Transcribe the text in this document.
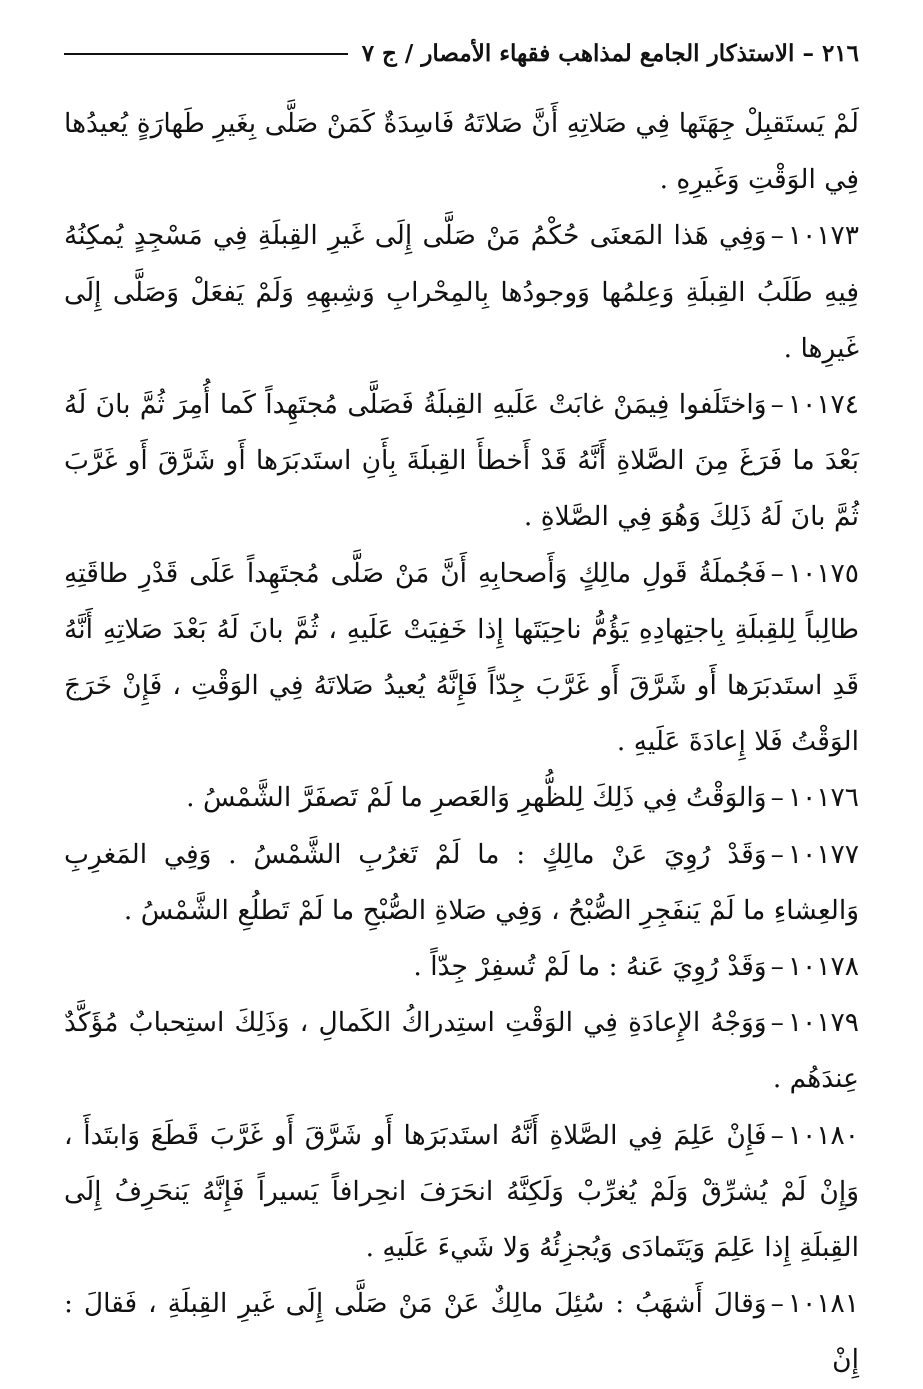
٢١٦
–
الاستذكار الجامع لمذاهب فقهاء الأمصار / ج ٧

لَمْ يَستَقبِلْ جِهَتَها فِي صَلاتِهِ أَنَّ صَلاتَهُ فَاسِدَةٌ كَمَنْ صَلَّى بِغَيرِ طَهارَةٍ يُعيدُها فِي الوَقْتِ وَغَيرِهِ .

١٠١٧٣–وَفِي هَذا المَعنَى حُكْمُ مَنْ صَلَّى إِلَى غَيرِ القِبلَةِ فِي مَسْجِدٍ يُمكِنُهُ فِيهِ طَلَبُ القِبلَةِ وَعِلمُها وَوجودُها بِالمِحْرابِ وَشِبهِهِ وَلَمْ يَفعَلْ وَصَلَّى إِلَى غَيرِها .

١٠١٧٤–وَاختَلَفوا فِيمَنْ غابَتْ عَلَيهِ القِبلَةُ فَصَلَّى مُجتَهِداً كَما أُمِرَ ثُمَّ بانَ لَهُ بَعْدَ ما فَرَغَ مِنَ الصَّلاةِ أَنَّهُ قَدْ أَخطأَ القِبلَةَ بِأَنِ استَدبَرَها أَو شَرَّقَ أَو غَرَّبَ ثُمَّ بانَ لَهُ ذَلِكَ وَهُوَ فِي الصَّلاةِ .

١٠١٧٥–فَجُملَةُ قَولِ مالِكٍ وَأَصحابِهِ أَنَّ مَنْ صَلَّى مُجتَهِداً عَلَى قَدْرِ طاقَتِهِ طالِباً لِلقِبلَةِ بِاجتِهادِهِ يَؤُمُّ ناحِيَتَها إِذا خَفِيَتْ عَلَيهِ ، ثُمَّ بانَ لَهُ بَعْدَ صَلاتِهِ أَنَّهُ قَدِ استَدبَرَها أَو شَرَّقَ أَو غَرَّبَ جِدّاً فَإِنَّهُ يُعيدُ صَلاتَهُ فِي الوَقْتِ ، فَإِنْ خَرَجَ الوَقْتُ فَلا إِعادَةَ عَلَيهِ .

١٠١٧٦–وَالوَقْتُ فِي ذَلِكَ لِلظُّهرِ وَالعَصرِ ما لَمْ تَصفَرَّ الشَّمْسُ .

١٠١٧٧–وَقَدْ رُوِيَ عَنْ مالِكٍ : ما لَمْ تَغرُبِ الشَّمْسُ . وَفِي المَغرِبِ وَالعِشاءِ ما لَمْ يَنفَجِرِ الصُّبْحُ ، وَفِي صَلاةِ الصُّبْحِ ما لَمْ تَطلُعِ الشَّمْسُ .

١٠١٧٨–وَقَدْ رُوِيَ عَنهُ : ما لَمْ تُسفِرْ جِدّاً .

١٠١٧٩–وَوَجْهُ الإِعادَةِ فِي الوَقْتِ استِدراكُ الكَمالِ ، وَذَلِكَ استِحبابٌ مُؤَكَّدٌ عِندَهُم .

١٠١٨٠–فَإِنْ عَلِمَ فِي الصَّلاةِ أَنَّهُ استَدبَرَها أَو شَرَّقَ أَو غَرَّبَ قَطَعَ وَابتَدأَ ، وَإِنْ لَمْ يُشرِّقْ وَلَمْ يُغرِّبْ وَلَكِنَّهُ انحَرَفَ انحِرافاً يَسيراً فَإِنَّهُ يَنحَرِفُ إِلَى القِبلَةِ إِذا عَلِمَ وَيَتَمادَى وَيُجزِئُهُ وَلا شَيءَ عَلَيهِ .

١٠١٨١–وَقالَ أَشهَبُ : سُئِلَ مالِكٌ عَنْ مَنْ صَلَّى إِلَى غَيرِ القِبلَةِ ، فَقالَ : إِنْ
